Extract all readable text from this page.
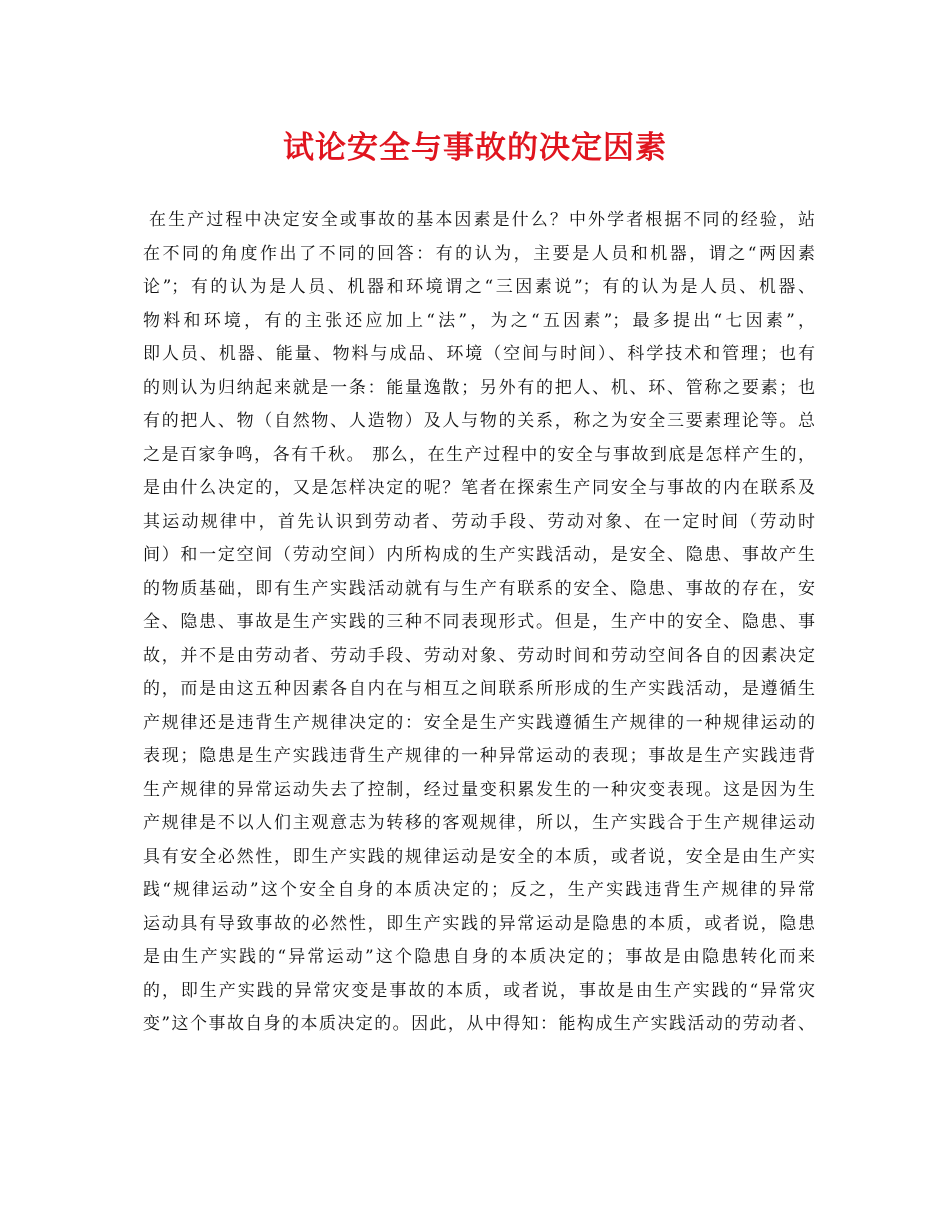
试论安全与事故的决定因素
在生产过程中决定安全或事故的基本因素是什么？中外学者根据不同的经验，站
在不同的角度作出了不同的回答：有的认为，主要是人员和机器，谓之“两因素
论”；有的认为是人员、机器和环境谓之“三因素说”；有的认为是人员、机器、
物料和环境，有的主张还应加上“法”，为之“五因素”；最多提出“七因素”，
即人员、机器、能量、物料与成品、环境（空间与时间）、科学技术和管理；也有
的则认为归纳起来就是一条：能量逸散；另外有的把人、机、环、管称之要素；也
有的把人、物（自然物、人造物）及人与物的关系，称之为安全三要素理论等。总
之是百家争鸣，各有千秋。 那么，在生产过程中的安全与事故到底是怎样产生的，
是由什么决定的，又是怎样决定的呢？笔者在探索生产同安全与事故的内在联系及
其运动规律中，首先认识到劳动者、劳动手段、劳动对象、在一定时间（劳动时
间）和一定空间（劳动空间）内所构成的生产实践活动，是安全、隐患、事故产生
的物质基础，即有生产实践活动就有与生产有联系的安全、隐患、事故的存在，安
全、隐患、事故是生产实践的三种不同表现形式。但是，生产中的安全、隐患、事
故，并不是由劳动者、劳动手段、劳动对象、劳动时间和劳动空间各自的因素决定
的，而是由这五种因素各自内在与相互之间联系所形成的生产实践活动，是遵循生
产规律还是违背生产规律决定的：安全是生产实践遵循生产规律的一种规律运动的
表现；隐患是生产实践违背生产规律的一种异常运动的表现；事故是生产实践违背
生产规律的异常运动失去了控制，经过量变积累发生的一种灾变表现。这是因为生
产规律是不以人们主观意志为转移的客观规律，所以，生产实践合于生产规律运动
具有安全必然性，即生产实践的规律运动是安全的本质，或者说，安全是由生产实
践“规律运动”这个安全自身的本质决定的；反之，生产实践违背生产规律的异常
运动具有导致事故的必然性，即生产实践的异常运动是隐患的本质，或者说，隐患
是由生产实践的“异常运动”这个隐患自身的本质决定的；事故是由隐患转化而来
的，即生产实践的异常灾变是事故的本质，或者说，事故是由生产实践的“异常灾
变”这个事故自身的本质决定的。因此，从中得知：能构成生产实践活动的劳动者、
